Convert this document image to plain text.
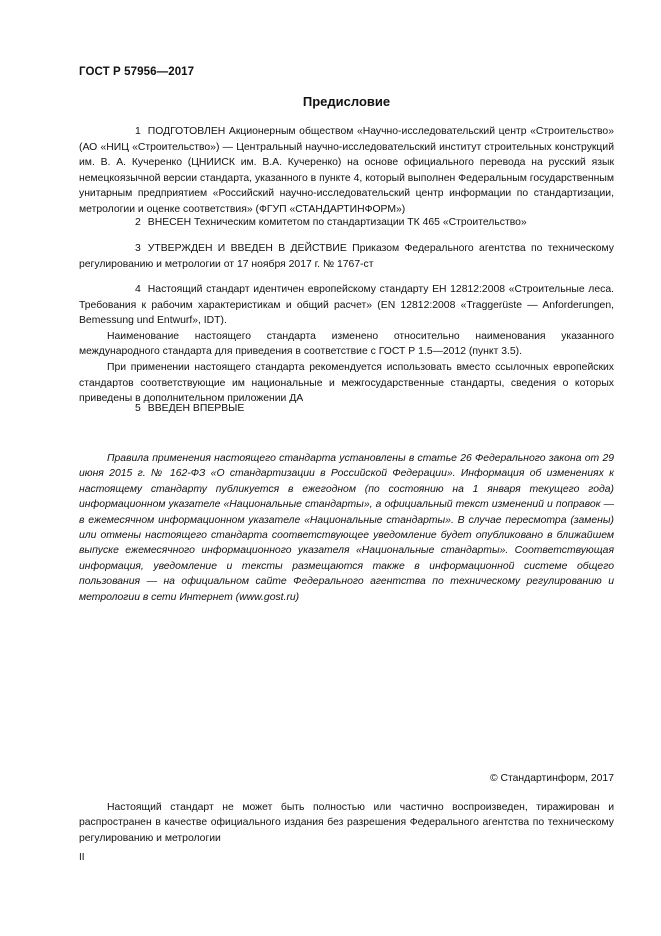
ГОСТ Р 57956—2017
Предисловие

1 ПОДГОТОВЛЕН Акционерным обществом «Научно-исследовательский центр «Строительство» (АО «НИЦ «Строительство») — Центральный научно-исследовательский институт строительных конструкций им. В. А. Кучеренко (ЦНИИСК им. В.А. Кучеренко) на основе официального перевода на русский язык немецкоязычной версии стандарта, указанного в пункте 4, который выполнен Федеральным государственным унитарным предприятием «Российский научно-исследовательский центр информации по стандартизации, метрологии и оценке соответствия» (ФГУП «СТАНДАРТИНФОРМ»)

2 ВНЕСЕН Техническим комитетом по стандартизации ТК 465 «Строительство»

3 УТВЕРЖДЕН И ВВЕДЕН В ДЕЙСТВИЕ Приказом Федерального агентства по техническому регулированию и метрологии от 17 ноября 2017 г. № 1767-ст

4 Настоящий стандарт идентичен европейскому стандарту ЕН 12812:2008 «Строительные леса. Требования к рабочим характеристикам и общий расчет» (EN 12812:2008 «Traggerüste — Anforderungen, Bemessung und Entwurf», IDT).

Наименование настоящего стандарта изменено относительно наименования указанного международного стандарта для приведения в соответствие с ГОСТ Р 1.5—2012 (пункт 3.5).

При применении настоящего стандарта рекомендуется использовать вместо ссылочных европейских стандартов соответствующие им национальные и межгосударственные стандарты, сведения о которых приведены в дополнительном приложении ДА

5 ВВЕДЕН ВПЕРВЫЕ

Правила применения настоящего стандарта установлены в статье 26 Федерального закона от 29 июня 2015 г. № 162-ФЗ «О стандартизации в Российской Федерации». Информация об изменениях к настоящему стандарту публикуется в ежегодном (по состоянию на 1 января текущего года) информационном указателе «Национальные стандарты», а официальный текст изменений и поправок — в ежемесячном информационном указателе «Национальные стандарты». В случае пересмотра (замены) или отмены настоящего стандарта соответствующее уведомление будет опубликовано в ближайшем выпуске ежемесячного информационного указателя «Национальные стандарты». Соответствующая информация, уведомление и тексты размещаются также в информационной системе общего пользования — на официальном сайте Федерального агентства по техническому регулированию и метрологии в сети Интернет (www.gost.ru)

© Стандартинформ, 2017

Настоящий стандарт не может быть полностью или частично воспроизведен, тиражирован и распространен в качестве официального издания без разрешения Федерального агентства по техническому регулированию и метрологии

II
